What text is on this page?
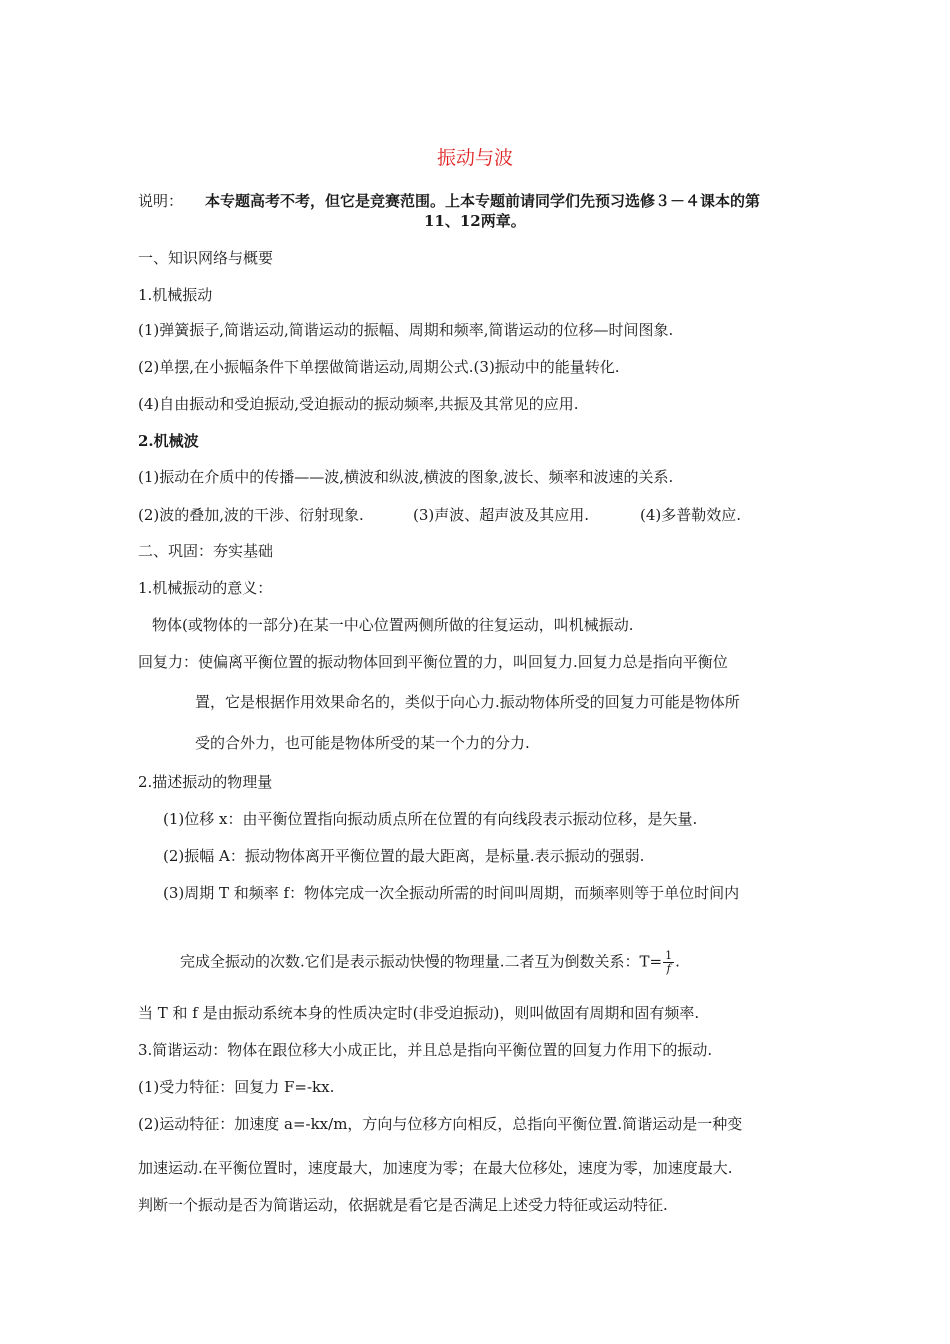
振动与波
说明： 本专题高考不考，但它是竞赛范围。上本专题前请同学们先预习选修３－４课本的第
11、12两章。
一、知识网络与概要
1.机械振动
(1)弹簧振子,简谐运动,简谐运动的振幅、周期和频率,简谐运动的位移—时间图象.
(2)单摆,在小振幅条件下单摆做简谐运动,周期公式.(3)振动中的能量转化.
(4)自由振动和受迫振动,受迫振动的振动频率,共振及其常见的应用.
2.机械波
(1)振动在介质中的传播——波,横波和纵波,横波的图象,波长、频率和波速的关系.
(2)波的叠加,波的干涉、衍射现象.	(3)声波、超声波及其应用.	(4)多普勒效应.
二、巩固：夯实基础
1.机械振动的意义：
物体(或物体的一部分)在某一中心位置两侧所做的往复运动，叫机械振动.
回复力：使偏离平衡位置的振动物体回到平衡位置的力，叫回复力.回复力总是指向平衡位
置，它是根据作用效果命名的，类似于向心力.振动物体所受的回复力可能是物体所
受的合外力，也可能是物体所受的某一个力的分力.
2.描述振动的物理量
(1)位移 x：由平衡位置指向振动质点所在位置的有向线段表示振动位移，是矢量.
(2)振幅 A：振动物体离开平衡位置的最大距离，是标量.表示振动的强弱.
(3)周期 T 和频率 f：物体完成一次全振动所需的时间叫周期，而频率则等于单位时间内
完成全振动的次数.它们是表示振动快慢的物理量.二者互为倒数关系：$T= \frac{1}{f}$ .
当 T 和 f 是由振动系统本身的性质决定时(非受迫振动)，则叫做固有周期和固有频率.
3.简谐运动：物体在跟位移大小成正比，并且总是指向平衡位置的回复力作用下的振动.
(1)受力特征：回复力 F=-kx.
(2)运动特征：加速度 a=-kx/m，方向与位移方向相反，总指向平衡位置.简谐运动是一种变
加速运动.在平衡位置时，速度最大，加速度为零；在最大位移处，速度为零，加速度最大.
判断一个振动是否为简谐运动，依据就是看它是否满足上述受力特征或运动特征.
